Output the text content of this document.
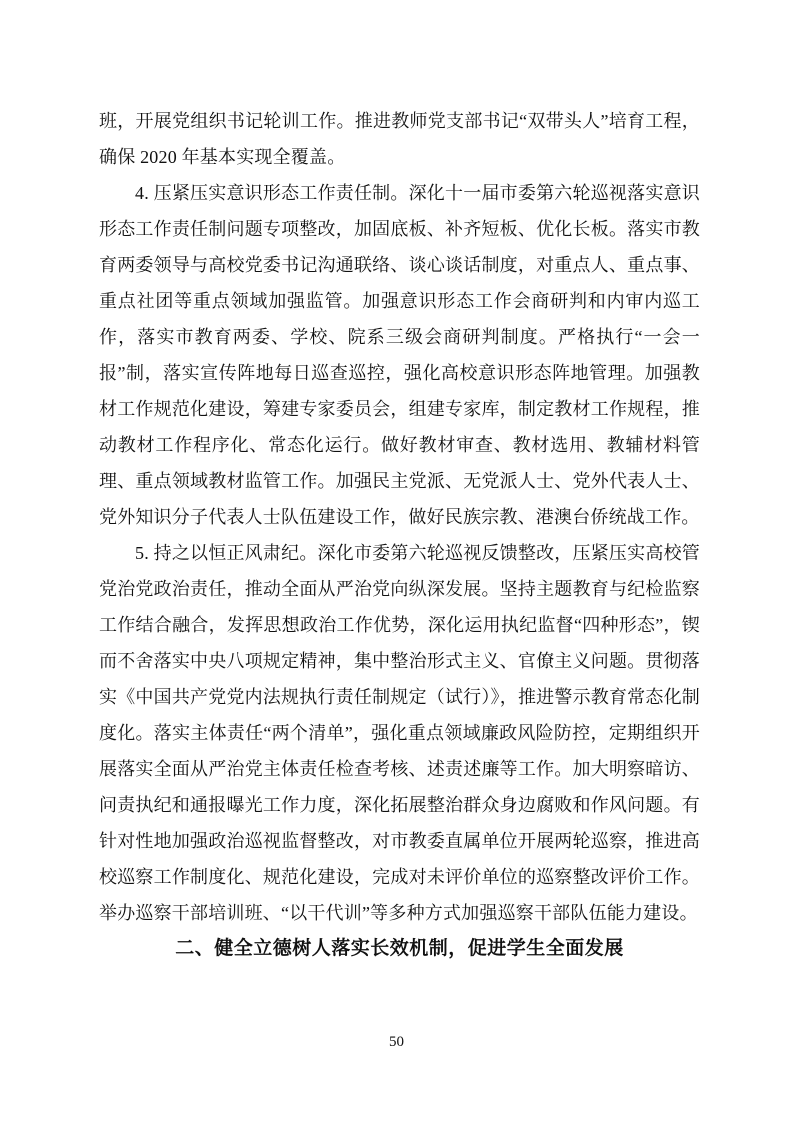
班，开展党组织书记轮训工作。推进教师党支部书记“双带头人”培育工程，确保 2020 年基本实现全覆盖。

4. 压紧压实意识形态工作责任制。深化十一届市委第六轮巡视落实意识形态工作责任制问题专项整改，加固底板、补齐短板、优化长板。落实市教育两委领导与高校党委书记沟通联络、谈心谈话制度，对重点人、重点事、重点社团等重点领域加强监管。加强意识形态工作会商研判和内审内巡工作，落实市教育两委、学校、院系三级会商研判制度。严格执行“一会一报”制，落实宣传阵地每日巡查巡控，强化高校意识形态阵地管理。加强教材工作规范化建设，筹建专家委员会，组建专家库，制定教材工作规程，推动教材工作程序化、常态化运行。做好教材审查、教材选用、教辅材料管理、重点领域教材监管工作。加强民主党派、无党派人士、党外代表人士、党外知识分子代表人士队伍建设工作，做好民族宗教、港澳台侨统战工作。

5. 持之以恒正风肃纪。深化市委第六轮巡视反馈整改，压紧压实高校管党治党政治责任，推动全面从严治党向纵深发展。坚持主题教育与纪检监察工作结合融合，发挥思想政治工作优势，深化运用执纪监督“四种形态”，锲而不舍落实中央八项规定精神，集中整治形式主义、官僚主义问题。贯彻落实《中国共产党党内法规执行责任制规定（试行）》，推进警示教育常态化制度化。落实主体责任“两个清单”，强化重点领域廉政风险防控，定期组织开展落实全面从严治党主体责任检查考核、述责述廉等工作。加大明察暗访、问责执纪和通报曝光工作力度，深化拓展整治群众身边腐败和作风问题。有针对性地加强政治巡视监督整改，对市教委直属单位开展两轮巡察，推进高校巡察工作制度化、规范化建设，完成对未评价单位的巡察整改评价工作。举办巡察干部培训班、“以干代训”等多种方式加强巡察干部队伍能力建设。

二、健全立德树人落实长效机制，促进学生全面发展

50
